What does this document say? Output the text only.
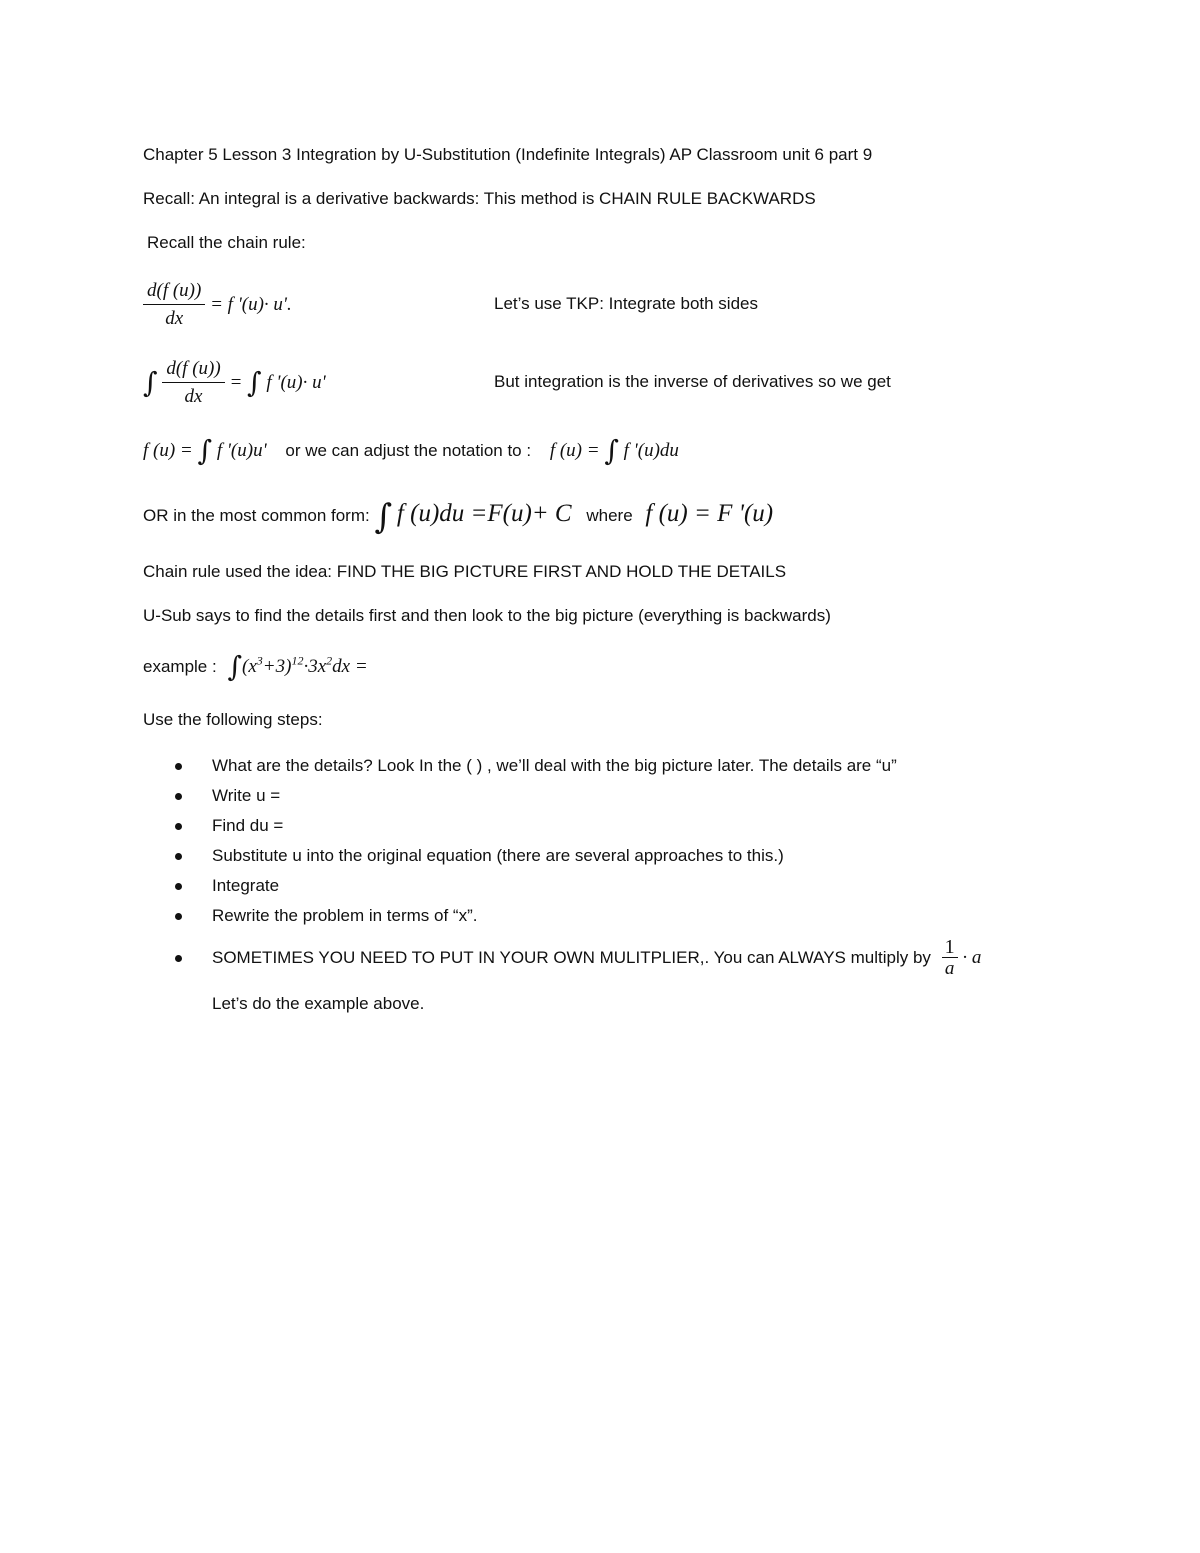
Chapter 5 Lesson 3 Integration by U-Substitution (Indefinite Integrals) AP Classroom unit 6 part 9
Recall: An integral is a derivative backwards: This method is CHAIN RULE BACKWARDS
Recall the chain rule:
$\frac{d(f (u))}{dx} = f$ '(u)· u'.	Let’s use TKP: Integrate both sides
∫ $\frac{d(f (u))}{dx}$ = ∫ f '(u)· u'	But integration is the inverse of derivatives so we get
f (u) = ∫ f '(u)u' or we can adjust the notation to : f (u) = ∫ f '(u)du
OR in the most common form: ∫ f (u)du =F(u)+ C where f (u) = F '(u)
Chain rule used the idea: FIND THE BIG PICTURE FIRST AND HOLD THE DETAILS
U-Sub says to find the details first and then look to the big picture (everything is backwards)
example : $\int(x^3+3)^{12}\cdot 3x^2dx$ =
Use the following steps:
What are the details? Look In the ( ) , we’ll deal with the big picture later. The details are “u”
Write u =
Find du =
Substitute u into the original equation (there are several approaches to this.)
Integrate
Rewrite the problem in terms of “x”.
SOMETIMES YOU NEED TO PUT IN YOUR OWN MULITPLIER,. You can ALWAYS multiply by $\frac{1}{a} \cdot a$
Let’s do the example above.
